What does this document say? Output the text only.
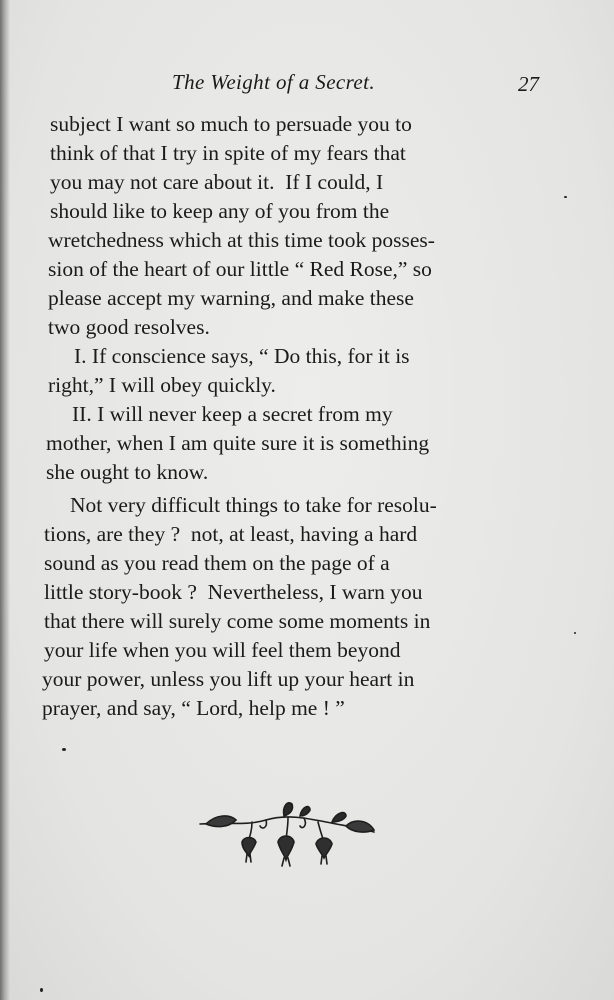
The Weight of a Secret.	27
subject I want so much to persuade you to
think of that I try in spite of my fears that
you may not care about it.  If I could, I
should like to keep any of you from the
wretchedness which at this time took posses-
sion of the heart of our little “ Red Rose,” so
please accept my warning, and make these
two good resolves.
I. If conscience says, “ Do this, for it is
right,” I will obey quickly.
II. I will never keep a secret from my
mother, when I am quite sure it is something
she ought to know.
Not very difficult things to take for resolu-
tions, are they ?  not, at least, having a hard
sound as you read them on the page of a
little story-book ?  Nevertheless, I warn you
that there will surely come some moments in
your life when you will feel them beyond
your power, unless you lift up your heart in
prayer, and say, “ Lord, help me ! ”
